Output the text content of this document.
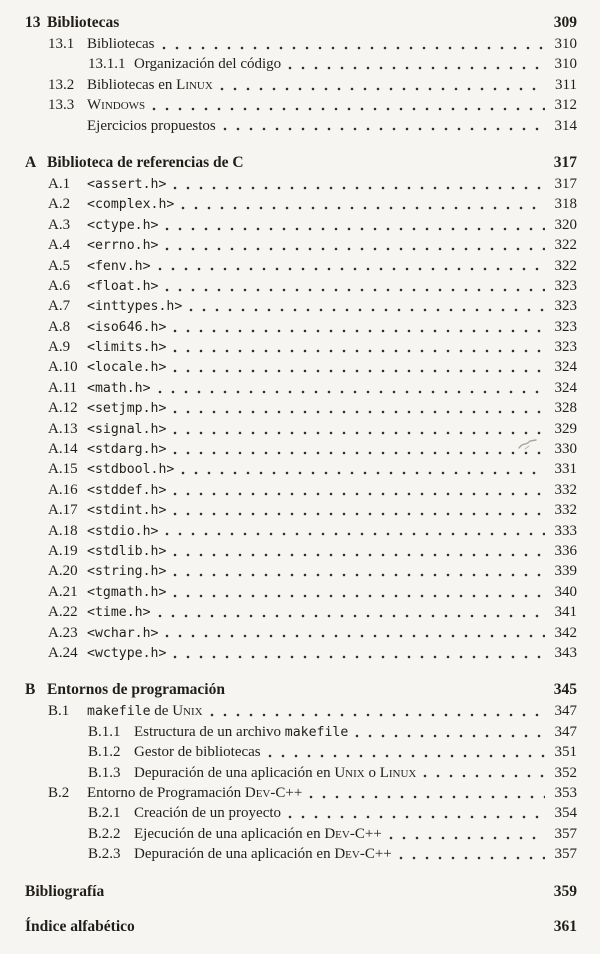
13 Bibliotecas	309
13.1 Bibliotecas	310
13.1.1 Organización del código	310
13.2 Bibliotecas en Linux	311
13.3 Windows	312
Ejercicios propuestos	314
A Biblioteca de referencias de C	317
A.1	<assert.h>	317
A.2	<complex.h>	318
A.3	<ctype.h>	320
A.4	<errno.h>	322
A.5	<fenv.h>	322
A.6	<float.h>	323
A.7	<inttypes.h>	323
A.8	<iso646.h>	323
A.9	<limits.h>	323
A.10 <locale.h>	324
A.11 <math.h>	324
A.12 <setjmp.h>	328
A.13 <signal.h>	329
A.14 <stdarg.h>	330
A.15 <stdbool.h>	331
A.16 <stddef.h>	332
A.17 <stdint.h>	332
A.18 <stdio.h>	333
A.19 <stdlib.h>	336
A.20 <string.h>	339
A.21 <tgmath.h>	340
A.22 <time.h>	341
A.23 <wchar.h>	342
A.24 <wctype.h>	343
B Entornos de programación	345
B.1	makefile de Unix	347
B.1.1 Estructura de un archivo makefile	347
B.1.2 Gestor de bibliotecas	351
B.1.3 Depuración de una aplicación en Unix o Linux	352
B.2	Entorno de Programación Dev-C++	353
B.2.1 Creación de un proyecto	354
B.2.2 Ejecución de una aplicación en Dev-C++	357
B.2.3 Depuración de una aplicación en Dev-C++	357
Bibliografía	359
Índice alfabético	361
